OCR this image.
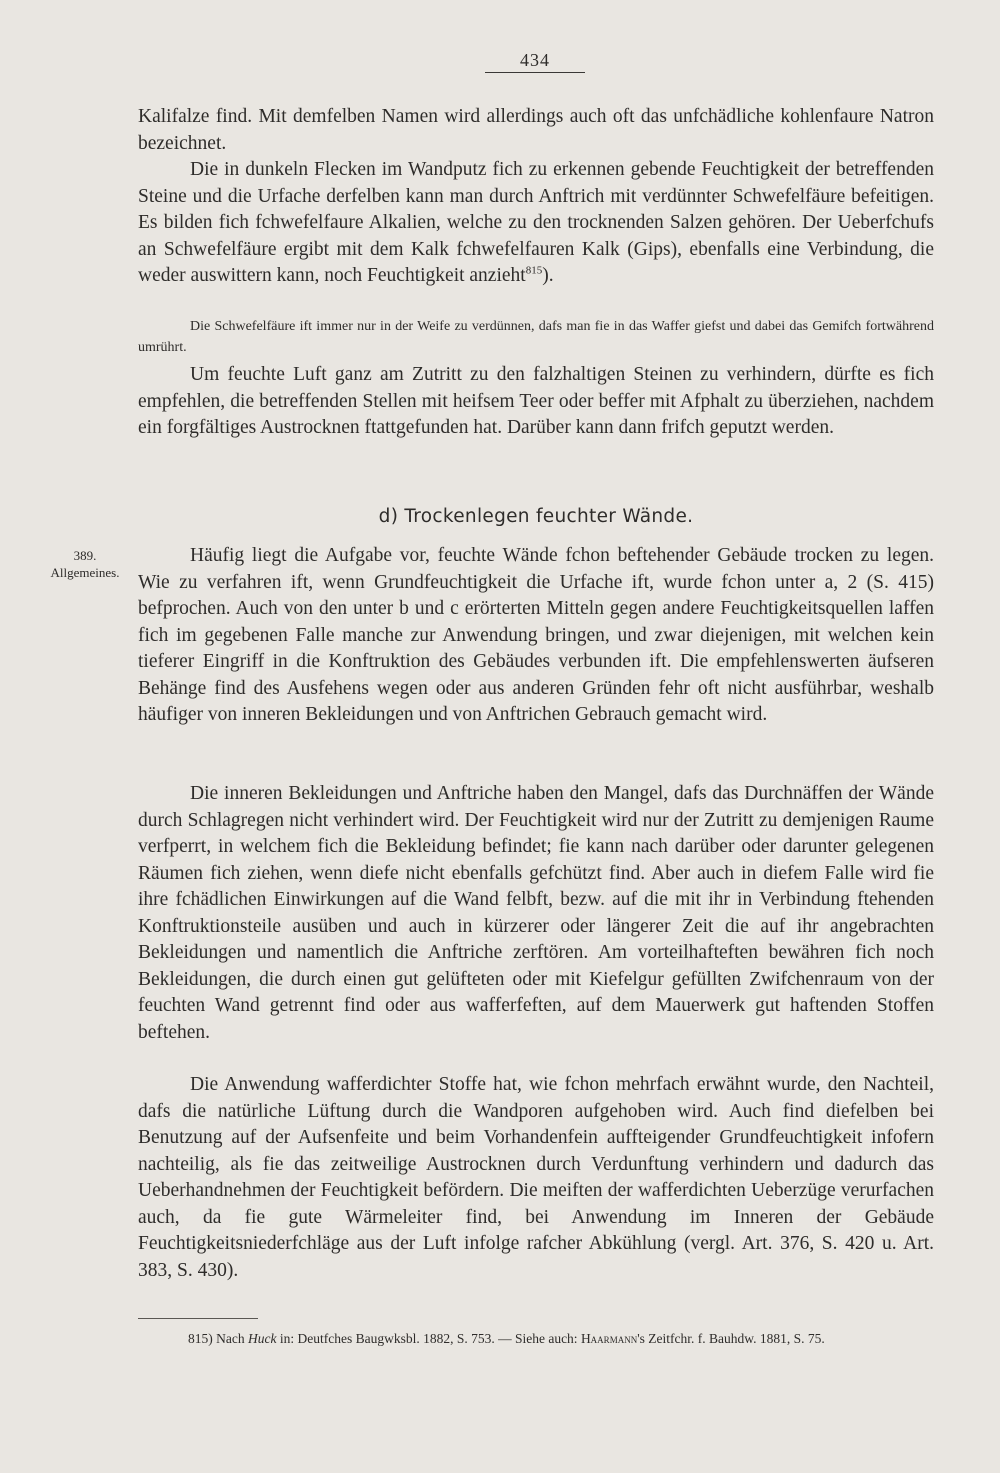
434

Kalifalze find. Mit demfelben Namen wird allerdings auch oft das unfchädliche kohlenfaure Natron bezeichnet.

Die in dunkeln Flecken im Wandputz fich zu erkennen gebende Feuchtigkeit der betreffenden Steine und die Urfache derfelben kann man durch Anftrich mit verdünnter Schwefelfäure befeitigen. Es bilden fich fchwefelfaure Alkalien, welche zu den trocknenden Salzen gehören. Der Ueberfchufs an Schwefelfäure ergibt mit dem Kalk fchwefelfauren Kalk (Gips), ebenfalls eine Verbindung, die weder auswittern kann, noch Feuchtigkeit anzieht$^{815}$).

Die Schwefelfäure ift immer nur in der Weife zu verdünnen, dafs man fie in das Waffer giefst und dabei das Gemifch fortwährend umrührt.

Um feuchte Luft ganz am Zutritt zu den falzhaltigen Steinen zu verhindern, dürfte es fich empfehlen, die betreffenden Stellen mit heifsem Teer oder beffer mit Afphalt zu überziehen, nachdem ein forgfältiges Austrocknen ftattgefunden hat. Darüber kann dann frifch geputzt werden.

d) Trockenlegen feuchter Wände.
389.
Allgemeines.

Häufig liegt die Aufgabe vor, feuchte Wände fchon beftehender Gebäude trocken zu legen. Wie zu verfahren ift, wenn Grundfeuchtigkeit die Urfache ift, wurde fchon unter a, 2 (S. 415) befprochen. Auch von den unter b und c erörterten Mitteln gegen andere Feuchtigkeitsquellen laffen fich im gegebenen Falle manche zur Anwendung bringen, und zwar diejenigen, mit welchen kein tieferer Eingriff in die Konftruktion des Gebäudes verbunden ift. Die empfehlenswerten äufseren Behänge find des Ausfehens wegen oder aus anderen Gründen fehr oft nicht ausführbar, weshalb häufiger von inneren Bekleidungen und von Anftrichen Gebrauch gemacht wird.

Die inneren Bekleidungen und Anftriche haben den Mangel, dafs das Durchnäffen der Wände durch Schlagregen nicht verhindert wird. Der Feuchtigkeit wird nur der Zutritt zu demjenigen Raume verfperrt, in welchem fich die Bekleidung befindet; fie kann nach darüber oder darunter gelegenen Räumen fich ziehen, wenn diefe nicht ebenfalls gefchützt find. Aber auch in diefem Falle wird fie ihre fchädlichen Einwirkungen auf die Wand felbft, bezw. auf die mit ihr in Verbindung ftehenden Konftruktionsteile ausüben und auch in kürzerer oder längerer Zeit die auf ihr angebrachten Bekleidungen und namentlich die Anftriche zerftören. Am vorteilhafteften bewähren fich noch Bekleidungen, die durch einen gut gelüfteten oder mit Kiefelgur gefüllten Zwifchenraum von der feuchten Wand getrennt find oder aus wafferfeften, auf dem Mauerwerk gut haftenden Stoffen beftehen.

Die Anwendung wafferdichter Stoffe hat, wie fchon mehrfach erwähnt wurde, den Nachteil, dafs die natürliche Lüftung durch die Wandporen aufgehoben wird. Auch find diefelben bei Benutzung auf der Aufsenfeite und beim Vorhandenfein auffteigender Grundfeuchtigkeit infofern nachteilig, als fie das zeitweilige Austrocknen durch Verdunftung verhindern und dadurch das Ueberhandnehmen der Feuchtigkeit befördern. Die meiften der wafferdichten Ueberzüge verurfachen auch, da fie gute Wärmeleiter find, bei Anwendung im Inneren der Gebäude Feuchtigkeitsniederfchläge aus der Luft infolge rafcher Abkühlung (vergl. Art. 376, S. 420 u. Art. 383, S. 430).

815) Nach Huck in: Deutfches Baugwksbl. 1882, S. 753. — Siehe auch: Haarmann's Zeitfchr. f. Bauhdw. 1881, S. 75.
